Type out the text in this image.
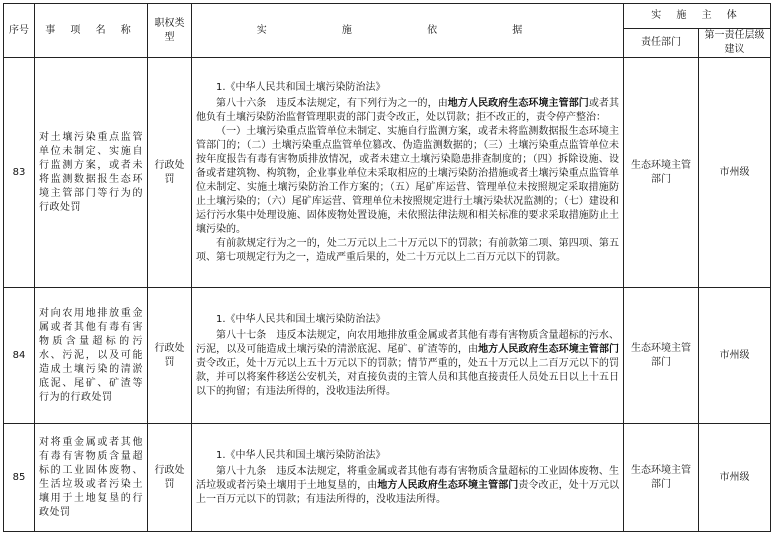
序号	事 项 名 称	职权类型	实 施 依 据	实 施 主 体	
				责任部门	第一责任层级建议
83	对土壤污染重点监管单位未制定、实施自行监测方案，或者未将监测数据报生态环境主管部门等行为的行政处罚	行政处罚	1.《中华人民共和国土壤污染防治法》

第八十六条　违反本法规定，有下列行为之一的，由地方人民政府生态环境主管部门或者其他负有土壤污染防治监督管理职责的部门责令改正，处以罚款；拒不改正的，责令停产整治：

（一）土壤污染重点监管单位未制定、实施自行监测方案，或者未将监测数据报生态环境主管部门的；（二）土壤污染重点监管单位篡改、伪造监测数据的；（三）土壤污染重点监管单位未按年度报告有毒有害物质排放情况，或者未建立土壤污染隐患排查制度的；（四）拆除设施、设备或者建筑物、构筑物，企业事业单位未采取相应的土壤污染防治措施或者土壤污染重点监管单位未制定、实施土壤污染防治工作方案的；（五）尾矿库运营、管理单位未按照规定采取措施防止土壤污染的；（六）尾矿库运营、管理单位未按照规定进行土壤污染状况监测的；（七）建设和运行污水集中处理设施、固体废物处置设施，未依照法律法规和相关标准的要求采取措施防止土壤污染的。

有前款规定行为之一的，处二万元以上二十万元以下的罚款；有前款第二项、第四项、第五项、第七项规定行为之一，造成严重后果的，处二十万元以上二百万元以下的罚款。	生态环境主管部门	市州级
84	对向农用地排放重金属或者其他有毒有害物质含量超标的污水、污泥，以及可能造成土壤污染的清淤底泥、尾矿、矿渣等行为的行政处罚	行政处罚	1.《中华人民共和国土壤污染防治法》

第八十七条　违反本法规定，向农用地排放重金属或者其他有毒有害物质含量超标的污水、污泥，以及可能造成土壤污染的清淤底泥、尾矿、矿渣等的，由地方人民政府生态环境主管部门责令改正，处十万元以上五十万元以下的罚款；情节严重的，处五十万元以上二百万元以下的罚款，并可以将案件移送公安机关，对直接负责的主管人员和其他直接责任人员处五日以上十五日以下的拘留；有违法所得的，没收违法所得。	生态环境主管部门	市州级
85	对将重金属或者其他有毒有害物质含量超标的工业固体废物、生活垃圾或者污染土壤用于土地复垦的行政处罚	行政处罚	1.《中华人民共和国土壤污染防治法》

第八十九条　违反本法规定，将重金属或者其他有毒有害物质含量超标的工业固体废物、生活垃圾或者污染土壤用于土地复垦的，由地方人民政府生态环境主管部门责令改正，处十万元以上一百万元以下的罚款；有违法所得的，没收违法所得。	生态环境主管部门	市州级
